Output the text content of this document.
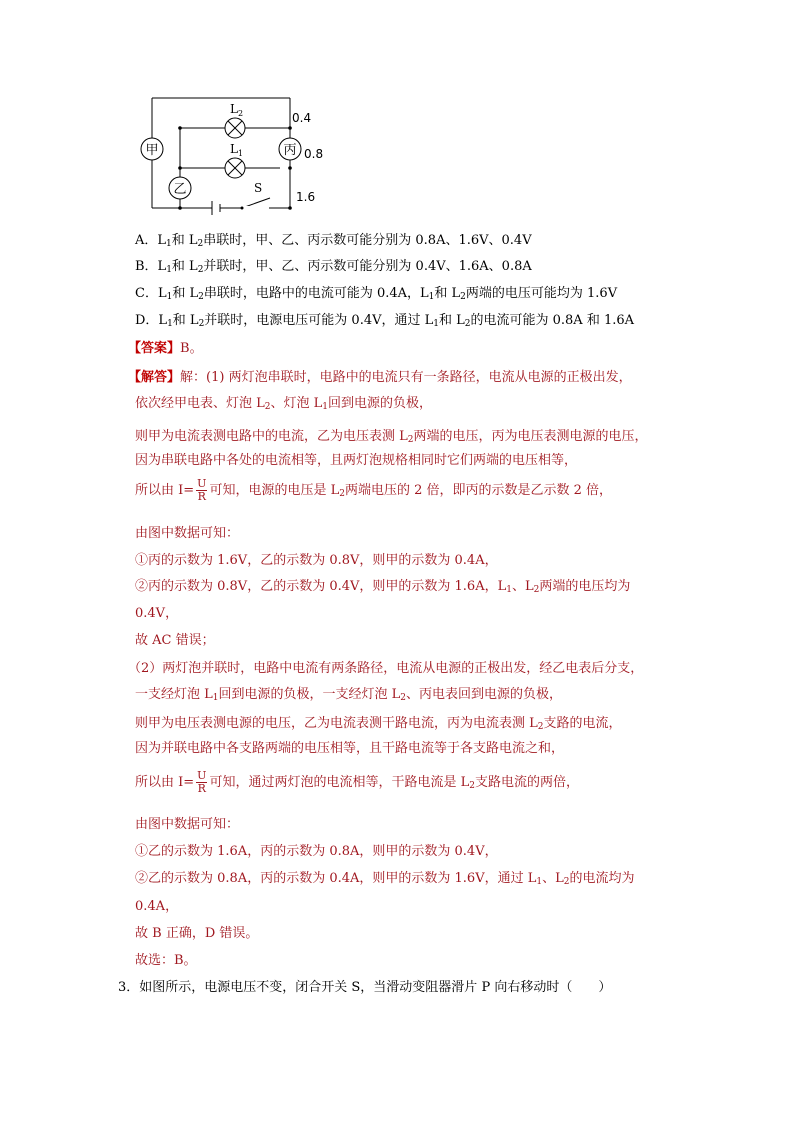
甲	丙
乙
L 2
L 1
S
0.4
0.8
1.6
A．$L_1$和 $L_2$串联时，甲、乙、丙示数可能分别为 0.8A、1.6V、0.4V
B．$L_1$和 $L_2$并联时，甲、乙、丙示数可能分别为 0.4V、1.6A、0.8A
C．$L_1$和 $L_2$串联时，电路中的电流可能为 0.4A，$L_1$和 $L_2$两端的电压可能均为 1.6V
D．$L_1$和 $L_2$并联时，电源电压可能为 0.4V，通过 $L_1$和 $L_2$的电流可能为 0.8A 和 1.6A
【答案】B。
【解答】解：(1) 两灯泡串联时，电路中的电流只有一条路径，电流从电源的正极出发，
依次经甲电表、灯泡 $L_2$、灯泡 $L_1$回到电源的负极，
则甲为电流表测电路中的电流，乙为电压表测 $L_2$两端的电压，丙为电压表测电源的电压，
因为串联电路中各处的电流相等，且两灯泡规格相同时它们两端的电压相等，
所以由 $I= \frac{U}{R}$ 可知，电源的电压是 $L_2$两端电压的 2 倍，即丙的示数是乙示数 2 倍，
由图中数据可知：
①丙的示数为 1.6V，乙的示数为 0.8V，则甲的示数为 0.4A，
②丙的示数为 0.8V，乙的示数为 0.4V，则甲的示数为 1.6A，$L_1$、$L_2$两端的电压均为
0.4V，
故 AC 错误；
（2）两灯泡并联时，电路中电流有两条路径，电流从电源的正极出发，经乙电表后分支，
一支经灯泡 $L_1$回到电源的负极，一支经灯泡 $L_2$、丙电表回到电源的负极，
则甲为电压表测电源的电压，乙为电流表测干路电流，丙为电流表测 $L_2$支路的电流，
因为并联电路中各支路两端的电压相等，且干路电流等于各支路电流之和，
所以由 $I= \frac{U}{R}$ 可知，通过两灯泡的电流相等，干路电流是 $L_2$支路电流的两倍，
由图中数据可知：
①乙的示数为 1.6A，丙的示数为 0.8A，则甲的示数为 0.4V，
②乙的示数为 0.8A，丙的示数为 0.4A，则甲的示数为 1.6V，通过 $L_1$、$L_2$的电流均为
0.4A，
故 B 正确，D 错误。
故选：B。
3．如图所示，电源电压不变，闭合开关 S，当滑动变阻器滑片 P 向右移动时（　　）
